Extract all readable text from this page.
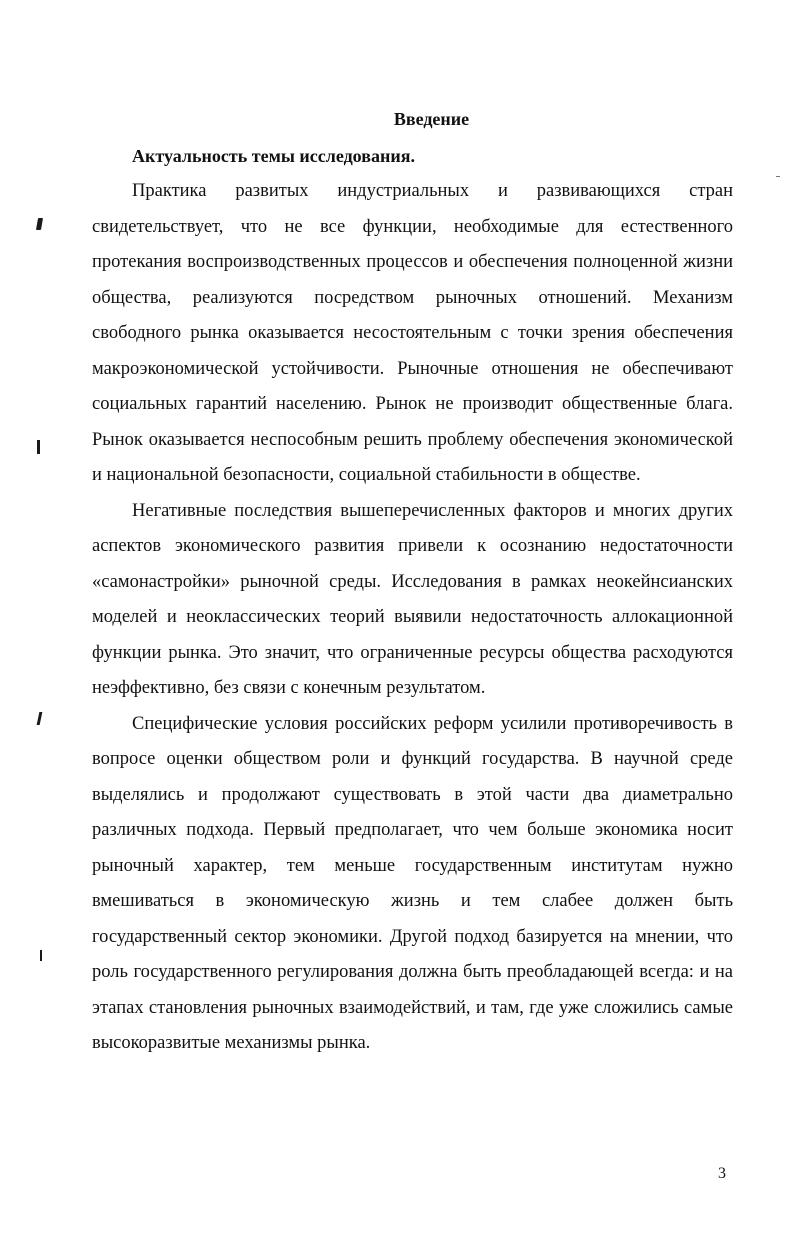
Введение
Актуальность темы исследования.

Практика развитых индустриальных и развивающихся стран свидетельствует, что не все функции, необходимые для естественного протекания воспроизводственных процессов и обеспечения полноценной жизни общества, реализуются посредством рыночных отношений. Механизм свободного рынка оказывается несостоятельным с точки зрения обеспечения макроэкономической устойчивости. Рыночные отношения не обеспечивают социальных гарантий населению. Рынок не производит общественные блага. Рынок оказывается неспособным решить проблему обеспечения экономической и национальной безопасности, социальной стабильности в обществе.

Негативные последствия вышеперечисленных факторов и многих других аспектов экономического развития привели к осознанию недостаточности «самонастройки» рыночной среды. Исследования в рамках неокейнсианских моделей и неоклассических теорий выявили недостаточность аллокационной функции рынка. Это значит, что ограниченные ресурсы общества расходуются неэффективно, без связи с конечным результатом.

Специфические условия российских реформ усилили противоречивость в вопросе оценки обществом роли и функций государства. В научной среде выделялись и продолжают существовать в этой части два диаметрально различных подхода. Первый предполагает, что чем больше экономика носит рыночный характер, тем меньше государственным институтам нужно вмешиваться в экономическую жизнь и тем слабее должен быть государственный сектор экономики. Другой подход базируется на мнении, что роль государственного регулирования должна быть преобладающей всегда: и на этапах становления рыночных взаимодействий, и там, где уже сложились самые высокоразвитые механизмы рынка.

3
